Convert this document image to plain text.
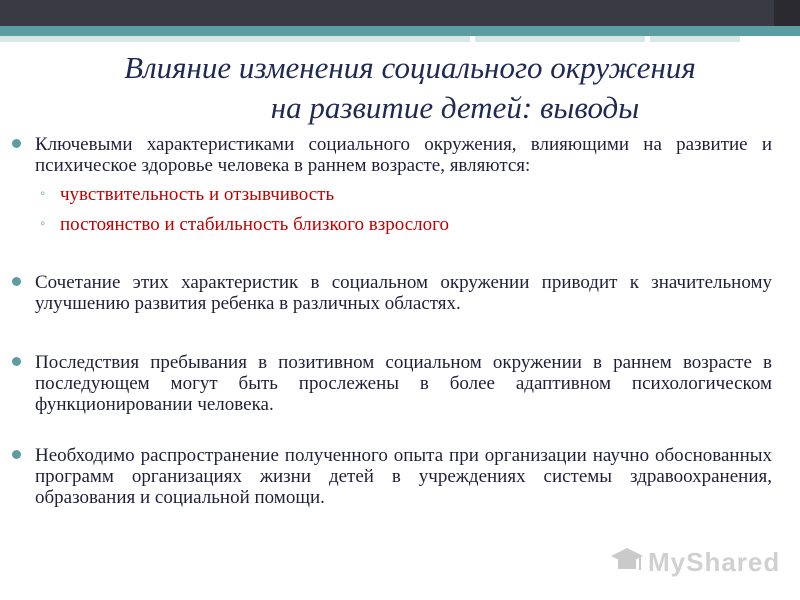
Влияние изменения социального окружения
на развитие детей: выводы

Ключевыми характеристиками социального окружения, влияющими на развитие и психическое здоровье человека в раннем возрасте, являются:

◦ чувствительность и отзывчивость

◦ постоянство и стабильность близкого взрослого

Сочетание этих характеристик в социальном окружении приводит к значительному улучшению развития ребенка в различных областях.

Последствия пребывания в позитивном социальном окружении в раннем возрасте в последующем могут быть прослежены в более адаптивном психологическом функционировании человека.

Необходимо распространение полученного опыта при организации научно обоснованных программ организациях жизни детей в учреждениях системы здравоохранения, образования и социальной помощи.

MyShared
